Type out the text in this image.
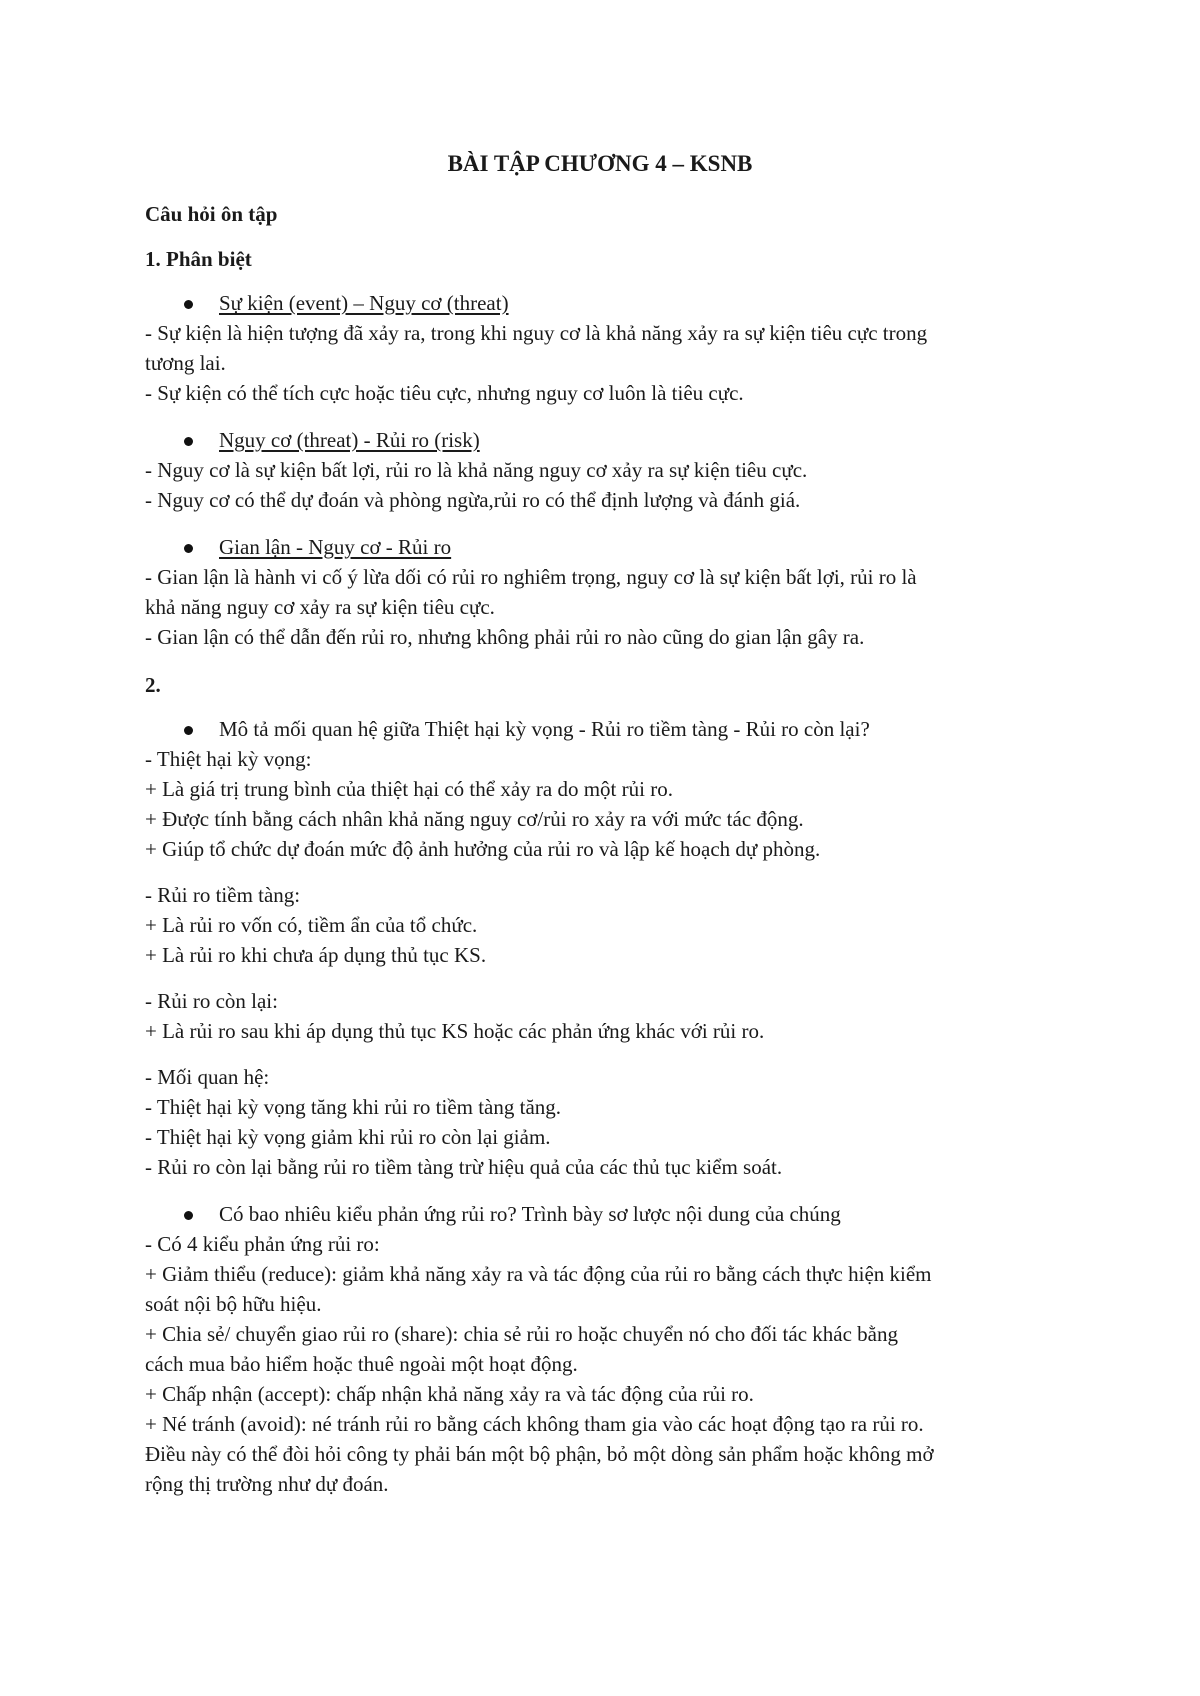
BÀI TẬP CHƯƠNG 4 – KSNB
Câu hỏi ôn tập
1. Phân biệt
Sự kiện (event) – Nguy cơ (threat)
- Sự kiện là hiện tượng đã xảy ra, trong khi nguy cơ là khả năng xảy ra sự kiện tiêu cực trong
tương lai.
- Sự kiện có thể tích cực hoặc tiêu cực, nhưng nguy cơ luôn là tiêu cực.
Nguy cơ (threat) - Rủi ro (risk)
- Nguy cơ là sự kiện bất lợi, rủi ro là khả năng nguy cơ xảy ra sự kiện tiêu cực.
- Nguy cơ có thể dự đoán và phòng ngừa,rủi ro có thể định lượng và đánh giá.
Gian lận - Nguy cơ - Rủi ro
- Gian lận là hành vi cố ý lừa dối có rủi ro nghiêm trọng, nguy cơ là sự kiện bất lợi, rủi ro là
khả năng nguy cơ xảy ra sự kiện tiêu cực.
- Gian lận có thể dẫn đến rủi ro, nhưng không phải rủi ro nào cũng do gian lận gây ra.
2.
Mô tả mối quan hệ giữa Thiệt hại kỳ vọng - Rủi ro tiềm tàng - Rủi ro còn lại?
- Thiệt hại kỳ vọng:
+ Là giá trị trung bình của thiệt hại có thể xảy ra do một rủi ro.
+ Được tính bằng cách nhân khả năng nguy cơ/rủi ro xảy ra với mức tác động.
+ Giúp tổ chức dự đoán mức độ ảnh hưởng của rủi ro và lập kế hoạch dự phòng.
- Rủi ro tiềm tàng:
+ Là rủi ro vốn có, tiềm ẩn của tổ chức.
+ Là rủi ro khi chưa áp dụng thủ tục KS.
- Rủi ro còn lại:
+ Là rủi ro sau khi áp dụng thủ tục KS hoặc các phản ứng khác với rủi ro.
- Mối quan hệ:
- Thiệt hại kỳ vọng tăng khi rủi ro tiềm tàng tăng.
- Thiệt hại kỳ vọng giảm khi rủi ro còn lại giảm.
- Rủi ro còn lại bằng rủi ro tiềm tàng trừ hiệu quả của các thủ tục kiểm soát.
Có bao nhiêu kiểu phản ứng rủi ro? Trình bày sơ lược nội dung của chúng
- Có 4 kiểu phản ứng rủi ro:
+ Giảm thiểu (reduce): giảm khả năng xảy ra và tác động của rủi ro bằng cách thực hiện kiểm
soát nội bộ hữu hiệu.
+ Chia sẻ/ chuyển giao rủi ro (share): chia sẻ rủi ro hoặc chuyển nó cho đối tác khác bằng
cách mua bảo hiểm hoặc thuê ngoài một hoạt động.
+ Chấp nhận (accept): chấp nhận khả năng xảy ra và tác động của rủi ro.
+ Né tránh (avoid): né tránh rủi ro bằng cách không tham gia vào các hoạt động tạo ra rủi ro.
Điều này có thể đòi hỏi công ty phải bán một bộ phận, bỏ một dòng sản phẩm hoặc không mở
rộng thị trường như dự đoán.
